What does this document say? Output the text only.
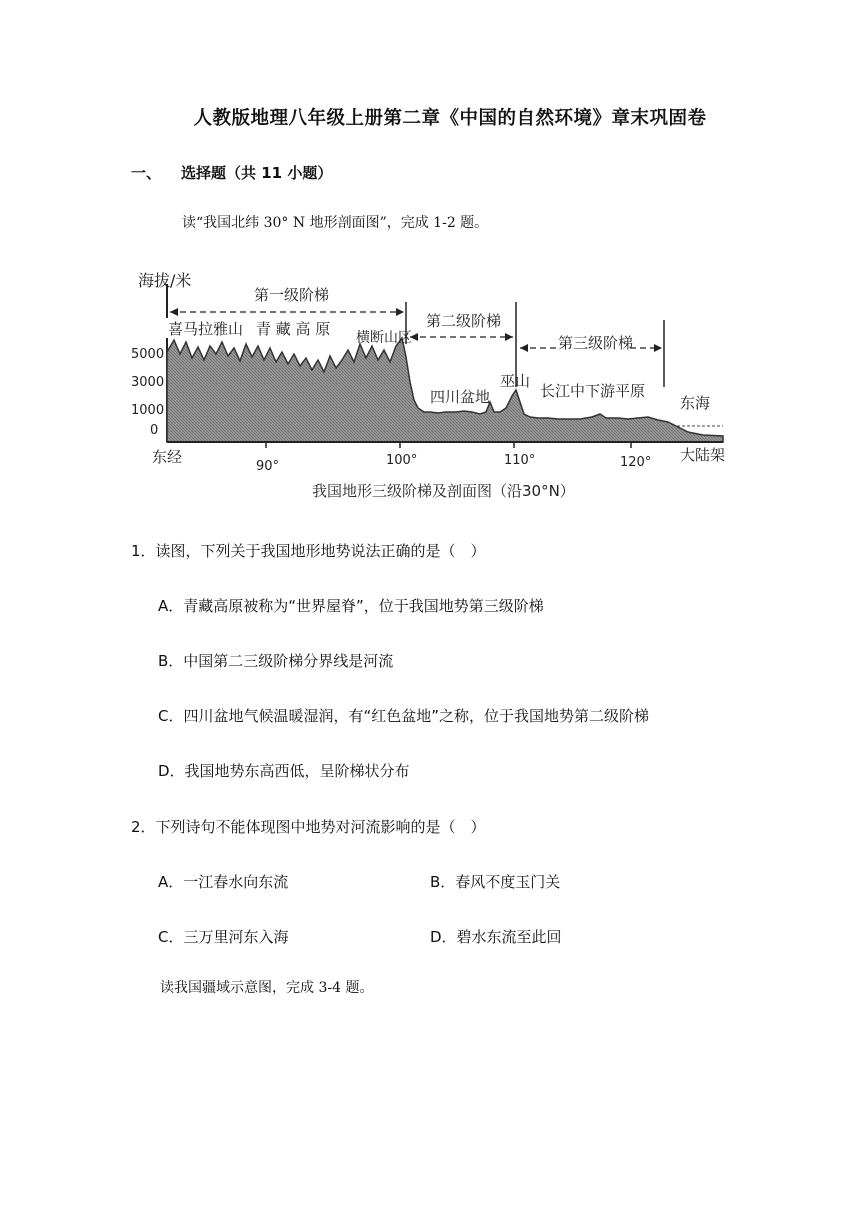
人教版地理八年级上册第二章《中国的自然环境》章末巩固卷
一、 选择题（共 11 小题）
读“我国北纬 30° N 地形剖面图”，完成 1-2 题。
海拔/米
5000
3000
1000
0
东经
90°	100°	110°	120°
第一级阶梯
第二级阶梯
第三级阶梯
喜马拉雅山 青 藏 高 原 横断山区
四川盆地
巫山
长江中下游平原
东海
大陆架
我国地形三级阶梯及剖面图（沿30°N）
1．读图，下列关于我国地形地势说法正确的是（　）
A．青藏高原被称为“世界屋脊”，位于我国地势第三级阶梯
B．中国第二三级阶梯分界线是河流
C．四川盆地气候温暖湿润，有“红色盆地”之称，位于我国地势第二级阶梯
D．我国地势东高西低，呈阶梯状分布
2．下列诗句不能体现图中地势对河流影响的是（　）
A．一江春水向东流	B．春风不度玉门关
C．三万里河东入海	D．碧水东流至此回
读我国疆域示意图，完成 3-4 题。
